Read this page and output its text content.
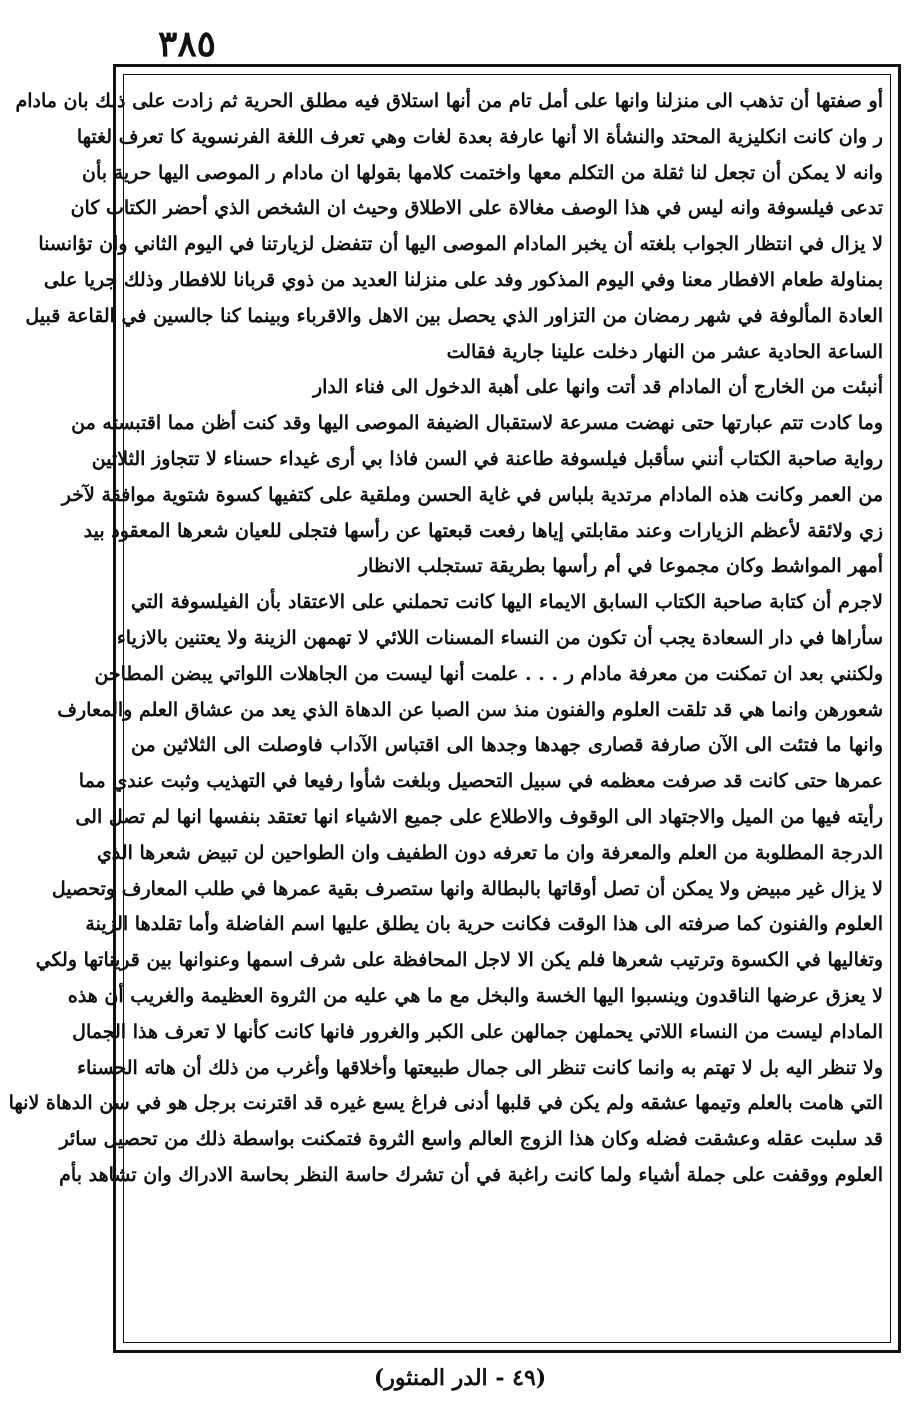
٣٨٥
أو صفتها أن تذهب الى منزلنا وانها على أمل تام من أنها استلاق فيه مطلق الحرية ثم زادت على ذلك بان مادام
ر وان كانت انكليزية المحتد والنشأة الا أنها عارفة بعدة لغات وهي تعرف اللغة الفرنسوية كا تعرف لغتها
وانه لا يمكن أن تجعل لنا ثقلة من التكلم معها واختمت كلامها بقولها ان مادام ر الموصى اليها حرية بأن
تدعى فيلسوفة وانه ليس في هذا الوصف مغالاة على الاطلاق وحيث ان الشخص الذي أحضر الكتاب كان
لا يزال في انتظار الجواب بلغته أن يخبر المادام الموصى اليها أن تتفضل لزيارتنا في اليوم الثاني وان تؤانسنا
بمناولة طعام الافطار معنا وفي اليوم المذكور وفد على منزلنا العديد من ذوي قربانا للافطار وذلك جريا على
العادة المألوفة في شهر رمضان من التزاور الذي يحصل بين الاهل والاقرباء وبينما كنا جالسين في القاعة قبيل
الساعة الحادية عشر من النهار دخلت علينا جارية فقالت
أنبئت من الخارج أن المادام قد أتت وانها على أهبة الدخول الى فناء الدار
وما كادت تتم عبارتها حتى نهضت مسرعة لاستقبال الضيفة الموصى اليها وقد كنت أظن مما اقتبسته من
رواية صاحبة الكتاب أنني سأقبل فيلسوفة طاعنة في السن فاذا بي أرى غيداء حسناء لا تتجاوز الثلاثين
من العمر وكانت هذه المادام مرتدية بلباس في غاية الحسن وملقية على كتفيها كسوة شتوية موافقة لآخر
زي ولائقة لأعظم الزيارات وعند مقابلتي إياها رفعت قبعتها عن رأسها فتجلى للعيان شعرها المعقود بيد
أمهر المواشط وكان مجموعا في أم رأسها بطريقة تستجلب الانظار
لاجرم أن كتابة صاحبة الكتاب السابق الايماء اليها كانت تحملني على الاعتقاد بأن الفيلسوفة التي
سأراها في دار السعادة يجب أن تكون من النساء المسنات اللائي لا تهمهن الزينة ولا يعتنين بالازياء
ولكنني بعد ان تمكنت من معرفة مادام ر . . . علمت أنها ليست من الجاهلات اللواتي يبضن المطاحن
شعورهن وانما هي قد تلقت العلوم والفنون منذ سن الصبا عن الدهاة الذي يعد من عشاق العلم والمعارف
وانها ما فتئت الى الآن صارفة قصارى جهدها وجدها الى اقتباس الآداب فاوصلت الى الثلاثين من
عمرها حتى كانت قد صرفت معظمه في سبيل التحصيل وبلغت شأوا رفيعا في التهذيب وثبت عندي مما
رأيته فيها من الميل والاجتهاد الى الوقوف والاطلاع على جميع الاشياء انها تعتقد بنفسها انها لم تصل الى
الدرجة المطلوبة من العلم والمعرفة وان ما تعرفه دون الطفيف وان الطواحين لن تبيض شعرها الذي
لا يزال غير مبيض ولا يمكن أن تصل أوقاتها بالبطالة وانها ستصرف بقية عمرها في طلب المعارف وتحصيل
العلوم والفنون كما صرفته الى هذا الوقت فكانت حرية بان يطلق عليها اسم الفاضلة وأما تقلدها الزينة
وتغاليها في الكسوة وترتيب شعرها فلم يكن الا لاجل المحافظة على شرف اسمها وعنوانها بين قريناتها ولكي
لا يعزق عرضها الناقدون وينسبوا اليها الخسة والبخل مع ما هي عليه من الثروة العظيمة والغريب أن هذه
المادام ليست من النساء اللاتي يحملهن جمالهن على الكبر والغرور فانها كانت كأنها لا تعرف هذا الجمال
ولا تنظر اليه بل لا تهتم به وانما كانت تنظر الى جمال طبيعتها وأخلاقها وأغرب من ذلك أن هاته الحسناء
التي هامت بالعلم وتيمها عشقه ولم يكن في قلبها أدنى فراغ يسع غيره قد اقترنت برجل هو في سن الدهاة لانها
قد سلبت عقله وعشقت فضله وكان هذا الزوج العالم واسع الثروة فتمكنت بواسطة ذلك من تحصيل سائر
العلوم ووقفت على جملة أشياء ولما كانت راغبة في أن تشرك حاسة النظر بحاسة الادراك وان تشاهد بأم
(٤٩ - الدر المنثور)
